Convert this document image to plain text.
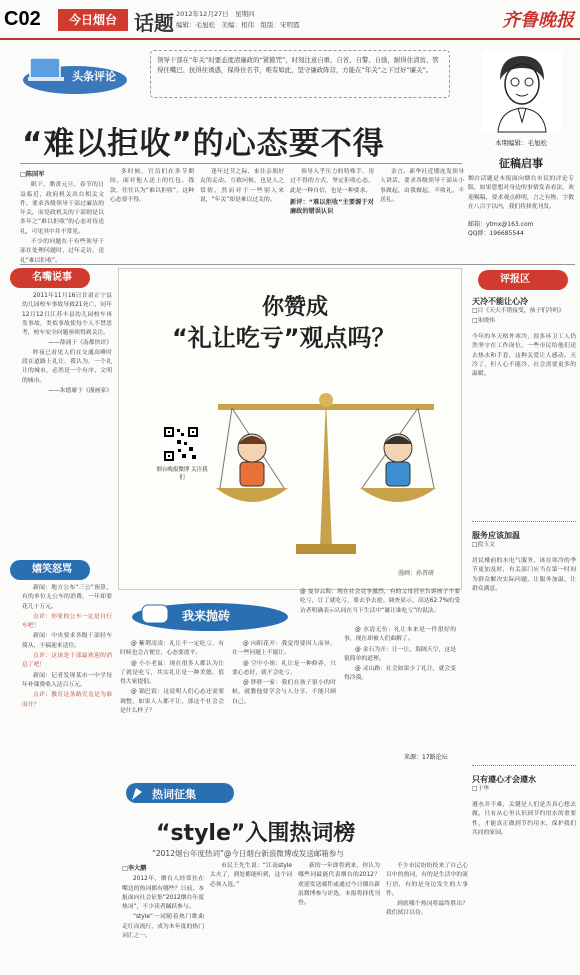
C02	今日烟台 话题 2012年12月27日　星期四
编辑：毛旭松　美编：相伟　组版：宋明霞	齐鲁晚报
头条评论
领导干部在“年关”时要态度清廉政的“紧箍咒”，时刻注意自重、自省、自警、自励，耐得住清贫、管得住嘴巴、抗得住诱惑，保得住名节，唯有如此，坚守廉政阵营，方能在“年关”之下过好“廉关”。
本期编辑：毛旭松
征稿启事
烟台话题是本报面向烟台市民的评论专版，如果您想对身边的事情发表看法，欢迎赐稿，要求观点鲜明，言之有物，字数在八百字以内，我们将择优刊发。
邮箱：ytmx@163.com
QQ群：196685544
“难以拒收”的心态要不得
□陈国军

眼下，腊黄元旦、春节的日益临近，政府机关出台相关文件，要求各级领导干部过廉洁的年关，而党政机关的干部则是以多年之“难以拒收”的心态对待送礼，可见其中并不常见。

不少的问题在于有些领导干部在处理问题时，过年走访，送礼“难以拒收”。

多时候，官员们在多节期间，面对他人送上的红包、钱款，往往认为“难以拒收”，这种心态要不得。

逢年过节之际，来往亲朋好友的走动、互致问候，也是人之常情，然而对于一些别人来说，“年关”却是难以过关的。

领导入乎压力的特殊手，用过不得的方式，坚定拒收心态，此是一种自信，也是一种要求。

新评：“难以拒收”主要源于对廉政的错误认识

金言。新华社近期连发领导人讲话，要求各级领导干部从小事做起，由我做起，不收礼，不送礼。

名嘴说事

2011年11月16日甘肃正宁县幼儿园校车事故导致21死亡，同年12月12日江苏丰县幼儿园校车再发事故，类似事故使每个人不禁思考，校车安全问题亟须得到关注。

——薛涌于《南都快评》

昨夜已看见人们在交通高峰时段在道路上礼让，我认为，一个礼让的城市，必然是一个有序、文明的城市。

——朱德庸于《漫画家》
嬉笑怒骂

新闻：地方公布“三公”预算，有的单位无公车的消费，一年却要花几十万元。

点评：你家的公车一定是自行车吧！

新闻：中央要求各级干部轻车简从，不搞迎来送往。

点评：这该是干部最欢迎的消息了吧！

新闻：记者发现某市一中学每年补课费收入达百万元。

点评：教育这条路究竟是为谁而开？

你赞成
“礼让吃亏”观点吗？
烟台晚报微博 关注我们
漫画：孙晋研
@ 曼谷云海：现在社会竞争激烈，有的父母甚至告诉孩子不要吃亏，让了就吃亏，要去争去抢。调查显示，高达62.7%的受访者明确表示认同在当下生活中“谦让谁吃亏”的说法。
我来抛砖

@ 紫荆凌凌：礼让不一定吃亏，有时候也会占便宜，心态要放平。

@ 小小老鼠：现在很多人都认为让了就是吃亏，其实礼让是一种美德，值得大家提倡。

@ 锅巴饭：这说明人们心态还需要调整，如果人人都不让，那这个社会会是什么样子？

@ 向阳花开：我觉得要因人而异，在一些问题上不能让。

@ 空中小姐：礼让是一种修养，只要心态好，就不会吃亏。

@ 胖胖一家：我们在孩子很小的时候，就教他要学会与人分享，不能只顾自己。

@ 水清无鱼：礼让本来是一件很好的事，现在却被人们曲解了。

@ 金石为开：让一让，海阔天空，这是很简单的道理。

@ 灵山路：社会如果少了礼让，就会变得冷漠。

来源：17路论坛
热词征集
“style”入围热词榜
“2012烟台年度热词”@今日烟台新浪微博或发送邮箱参与
□李大鹏

2012年，烟台人经常挂在嘴边的热词都有哪些？日前，本报面向社会征集“2012烟台年度热词”，不少读者踊跃参与。

“style”一词随着热门歌曲走红而流行，成为本年度的热门词汇之一。

市民王先生说：“江南style太火了，到处都能听到，这个词必须入选。”

新的一年即将到来，你认为哪些词最能代表烟台的2012？欢迎发送邮件或通过今日烟台新浪微博参与评选，本报将择优刊登。

不少市民纷纷投来了自己心目中的热词，有的是生活中的流行语，有的是身边发生的大事件。

到底哪个热词将最终胜出？我们拭目以待。

评报区
天冷不能让心冷
□日《天天不错接受，孩子们冷吗》
□朱晓伟
今年的冬天格外寒冷，很多环卫工人仍然坚守在工作岗位，一些市民给他们送去热水和手套，这种关爱让人感动。天冷了，但人心不能冷，社会需要更多的温暖。
服务应该加温
□段玉文
居民楼前的水电气服务，该在寒冷的季节更加及时，有关部门应当在第一时间为群众解决实际问题，让服务加温，让群众满意。
只有遵心才会遵水
□于华
遵水并不难，关键是人们是否真心想去做。只有从心里认识到节约用水的重要性，才能真正做到节约用水，保护我们共同的家园。
